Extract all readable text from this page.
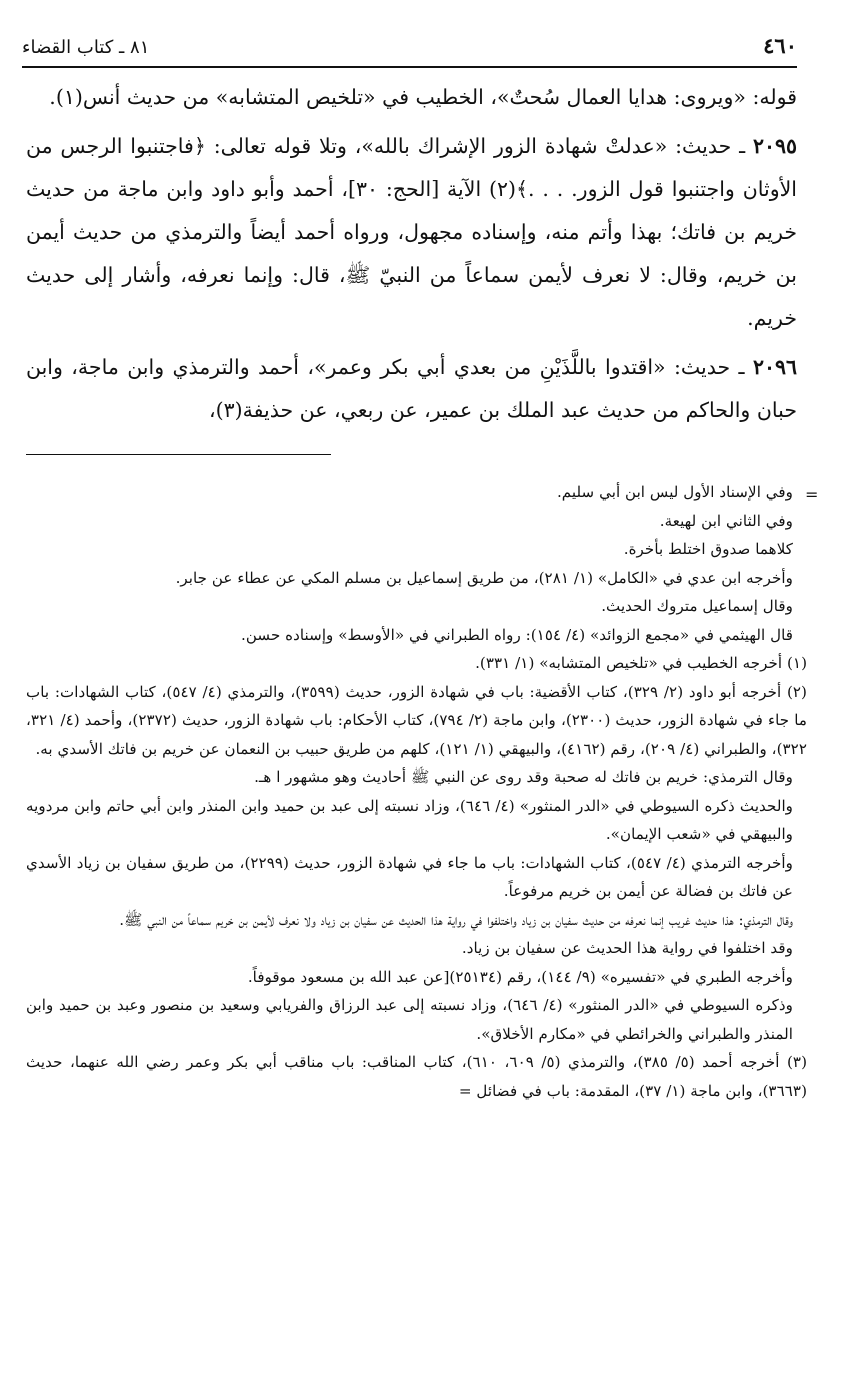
٤٦٠
٨١ ـ كتاب القضاء

قوله: «ويروى: هدايا العمال سُحتٌ»، الخطيب في «تلخيص المتشابه» من حديث أنس(١).

٢٠٩٥ ـ حديث: «عدلتْ شهادة الزور الإشراك بالله»، وتلا قوله تعالى: ﴿فاجتنبوا الرجس من الأوثان واجتنبوا قول الزور. . . .﴾(٢) الآية [الحج: ٣٠]، أحمد وأبو داود وابن ماجة من حديث خريم بن فاتك؛ بهذا وأتم منه، وإسناده مجهول، ورواه أحمد أيضاً والترمذي من حديث أيمن بن خريم، وقال: لا نعرف لأيمن سماعاً من النبيّ ﷺ، قال: وإنما نعرفه، وأشار إلى حديث خريم.

٢٠٩٦ ـ حديث: «اقتدوا باللَّذَيْنِ من بعدي أبي بكر وعمر»، أحمد والترمذي وابن ماجة، وابن حبان والحاكم من حديث عبد الملك بن عمير، عن ربعي، عن حذيفة(٣)،

=

وفي الإسناد الأول ليس ابن أبي سليم.

وفي الثاني ابن لهيعة.

كلاهما صدوق اختلط بأخرة.

وأخرجه ابن عدي في «الكامل» (١/ ٢٨١)، من طريق إسماعيل بن مسلم المكي عن عطاء عن جابر.

وقال إسماعيل متروك الحديث.

قال الهيثمي في «مجمع الزوائد» (٤/ ١٥٤): رواه الطبراني في «الأوسط» وإسناده حسن.

(١) أخرجه الخطيب في «تلخيص المتشابه» (١/ ٣٣١).

(٢) أخرجه أبو داود (٢/ ٣٢٩)، كتاب الأقضية: باب في شهادة الزور، حديث (٣٥٩٩)، والترمذي (٤/ ٥٤٧)، كتاب الشهادات: باب ما جاء في شهادة الزور، حديث (٢٣٠٠)، وابن ماجة (٢/ ٧٩٤)، كتاب الأحكام: باب شهادة الزور، حديث (٢٣٧٢)، وأحمد (٤/ ٣٢١، ٣٢٢)، والطبراني (٤/ ٢٠٩)، رقم (٤١٦٢)، والبيهقي (١/ ١٢١)، كلهم من طريق حبيب بن النعمان عن خريم بن فاتك الأسدي به.

وقال الترمذي: خريم بن فاتك له صحبة وقد روى عن النبي ﷺ أحاديث وهو مشهور ا هـ.

والحديث ذكره السيوطي في «الدر المنثور» (٤/ ٦٤٦)، وزاد نسبته إلى عبد بن حميد وابن المنذر وابن أبي حاتم وابن مردويه والبيهقي في «شعب الإيمان».

وأخرجه الترمذي (٤/ ٥٤٧)، كتاب الشهادات: باب ما جاء في شهادة الزور، حديث (٢٢٩٩)، من طريق سفيان بن زياد الأسدي عن فاتك بن فضالة عن أيمن بن خريم مرفوعاً.

وقال الترمذي: هذا حديث غريب إنما نعرفه من حديث سفيان بن زياد واختلفوا في رواية هذا الحديث عن سفيان بن زياد ولا نعرف لأيمن بن خريم سماعاً من النبي ﷺ.

وقد اختلفوا في رواية هذا الحديث عن سفيان بن زياد.

وأخرجه الطبري في «تفسيره» (٩/ ١٤٤)، رقم (٢٥١٣٤)[عن عبد الله بن مسعود موقوفاً.

وذكره السيوطي في «الدر المنثور» (٤/ ٦٤٦)، وزاد نسبته إلى عبد الرزاق والفريابي وسعيد بن منصور وعبد بن حميد وابن المنذر والطبراني والخرائطي في «مكارم الأخلاق».

(٣) أخرجه أحمد (٥/ ٣٨٥)، والترمذي (٥/ ٦٠٩، ٦١٠)، كتاب المناقب: باب مناقب أبي بكر وعمر رضي الله عنهما، حديث (٣٦٦٣)، وابن ماجة (١/ ٣٧)، المقدمة: باب في فضائل =
